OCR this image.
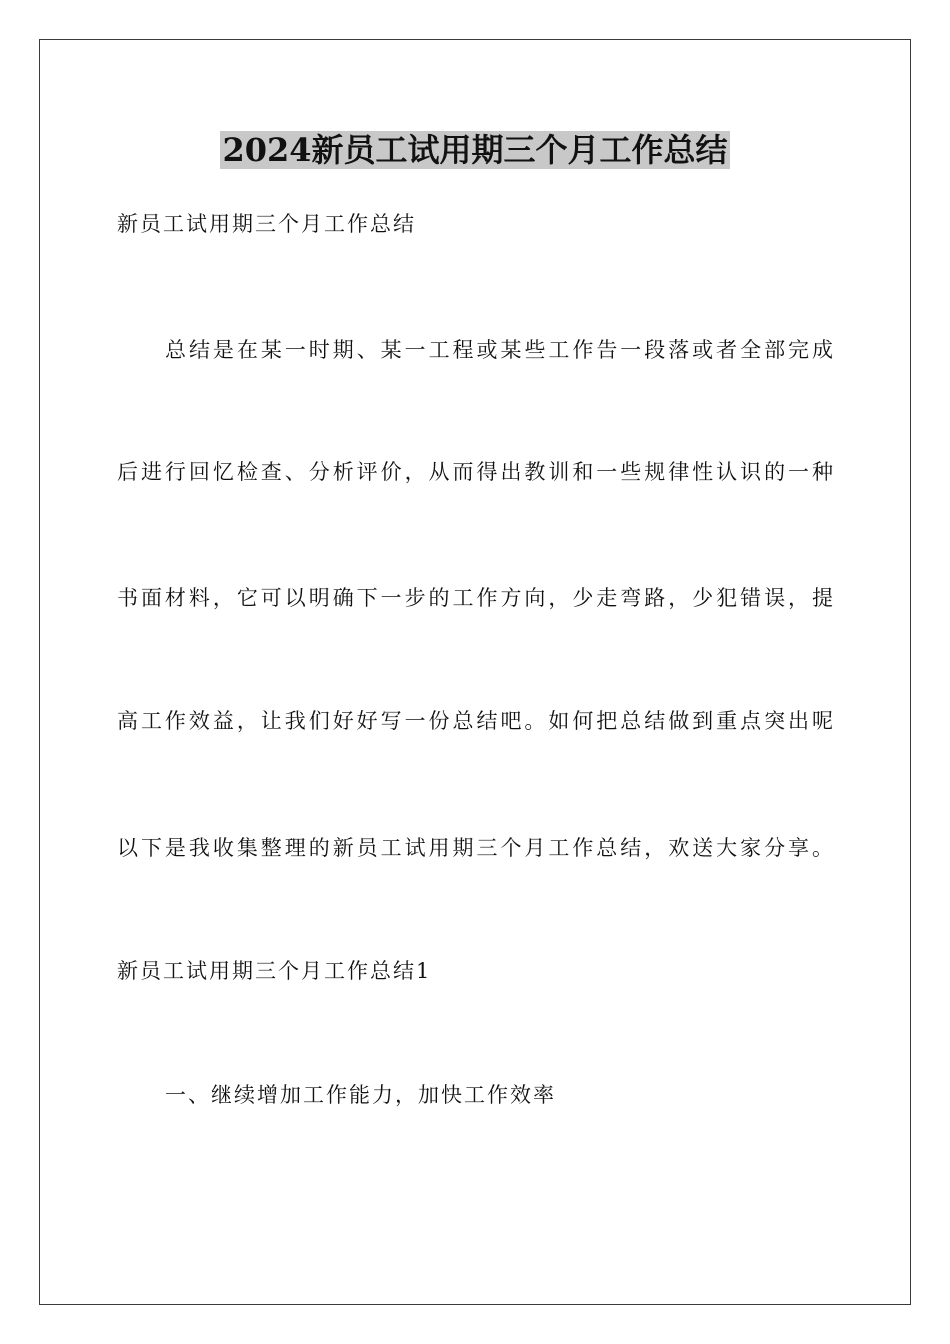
2024新员工试用期三个月工作总结
新员工试用期三个月工作总结
总结是在某一时期、某一工程或某些工作告一段落或者全部完成
后进行回忆检查、分析评价，从而得出教训和一些规律性认识的一种
书面材料，它可以明确下一步的工作方向，少走弯路，少犯错误，提
高工作效益，让我们好好写一份总结吧。如何把总结做到重点突出呢
以下是我收集整理的新员工试用期三个月工作总结，欢送大家分享。
新员工试用期三个月工作总结1
一、继续增加工作能力，加快工作效率
